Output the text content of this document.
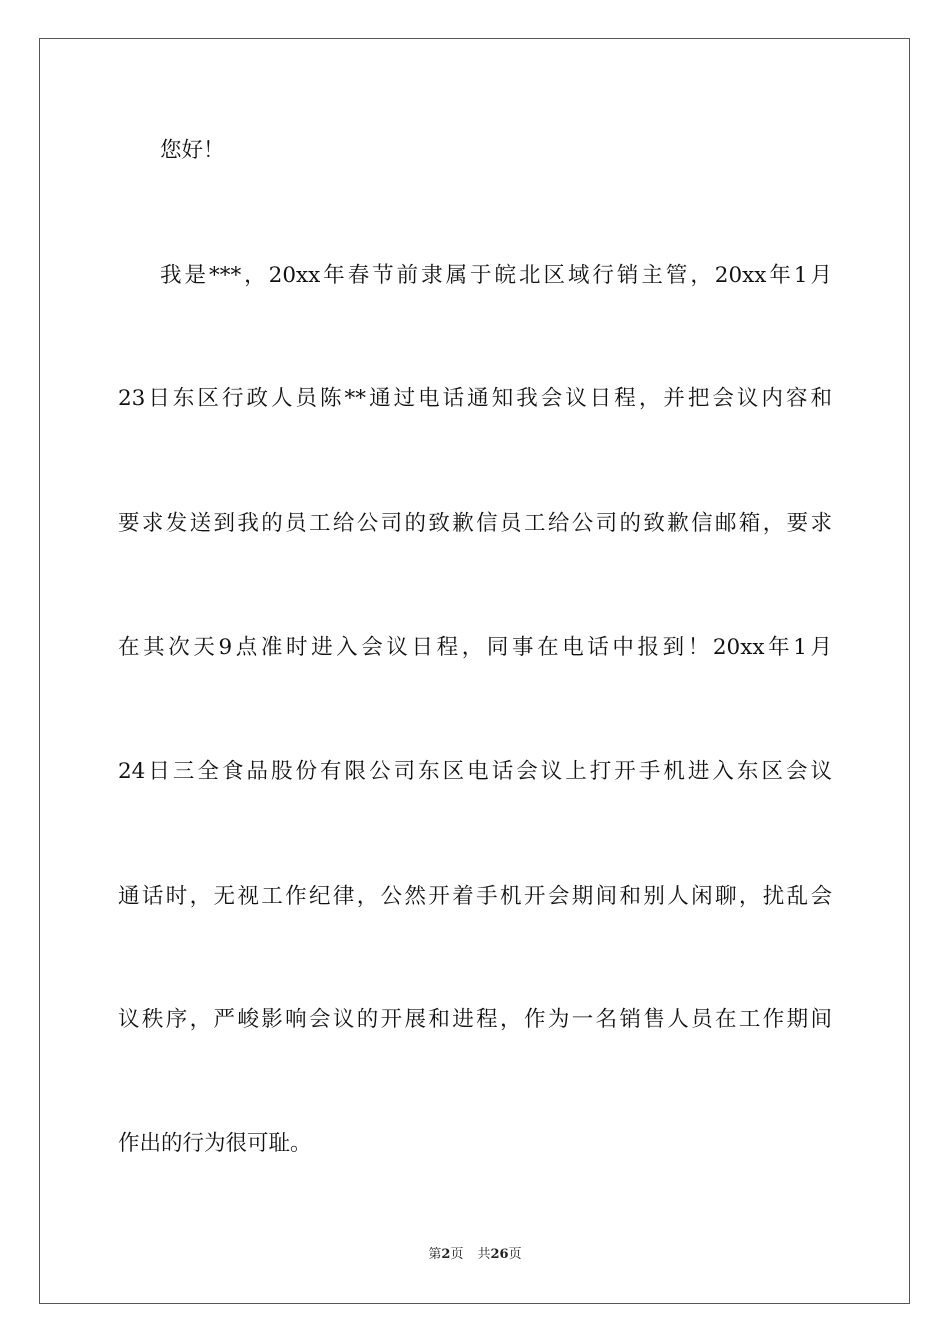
您好！
我是***，20xx年春节前隶属于皖北区域行销主管，20xx年1月
23日东区行政人员陈**通过电话通知我会议日程，并把会议内容和
要求发送到我的员工给公司的致歉信员工给公司的致歉信邮箱，要求
在其次天9点准时进入会议日程，同事在电话中报到！20xx年1月
24日三全食品股份有限公司东区电话会议上打开手机进入东区会议
通话时，无视工作纪律，公然开着手机开会期间和别人闲聊，扰乱会
议秩序，严峻影响会议的开展和进程，作为一名销售人员在工作期间
作出的行为很可耻。
第2页 共26页
